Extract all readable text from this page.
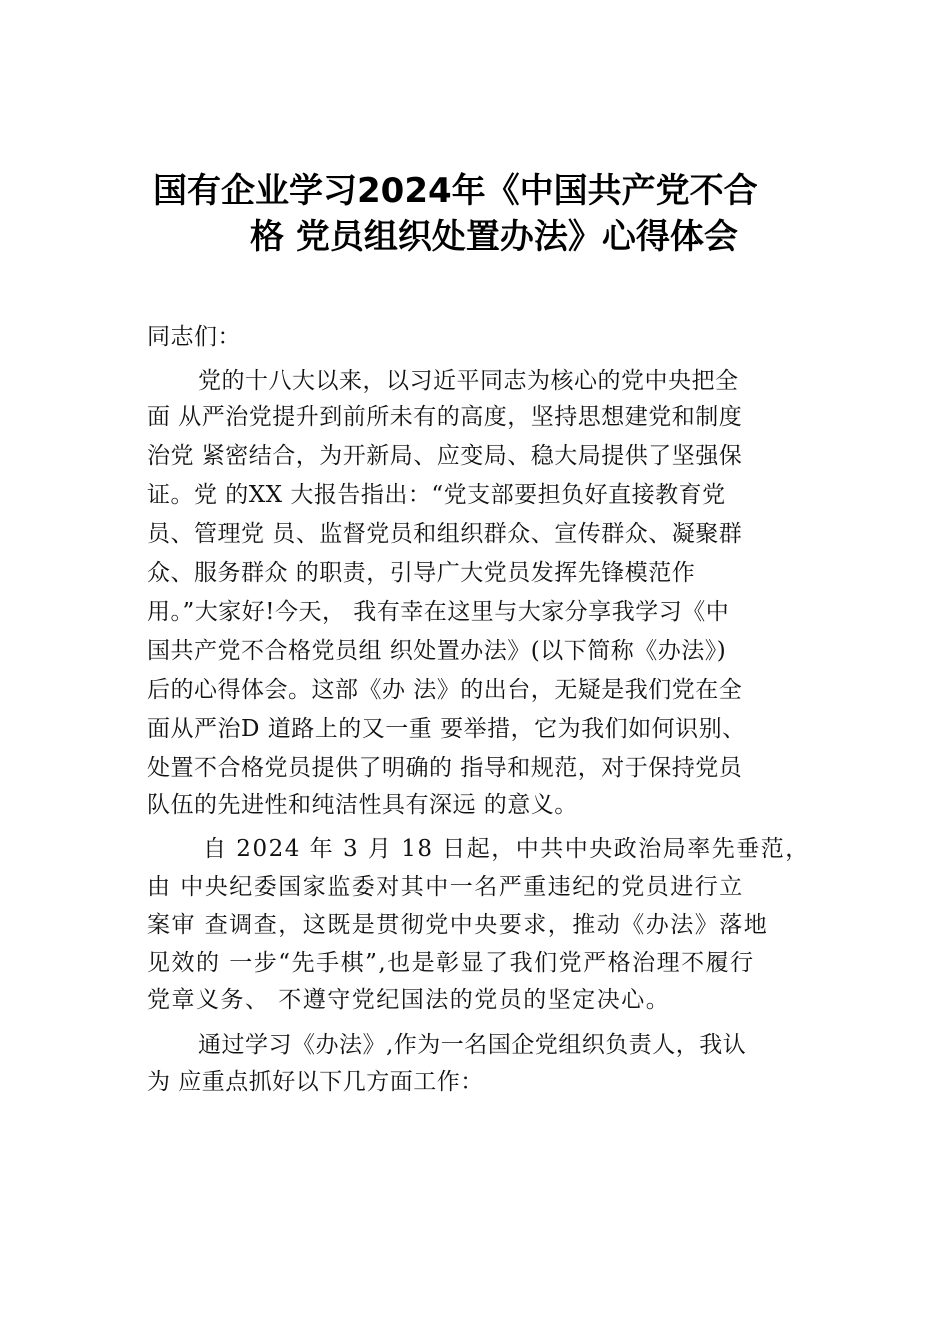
国有企业学习2024年《中国共产党不合
格 党员组织处置办法》心得体会
同志们：
党的十八大以来，以习近平同志为核心的党中央把全
面 从严治党提升到前所未有的高度，坚持思想建党和制度
治党 紧密结合，为开新局、应变局、稳大局提供了坚强保
证。党 的XX 大报告指出：“党支部要担负好直接教育党
员、管理党 员、监督党员和组织群众、宣传群众、凝聚群
众、服务群众 的职责，引导广大党员发挥先锋模范作
用。”大家好!今天， 我有幸在这里与大家分享我学习《中
国共产党不合格党员组 织处置办法》(以下简称《办法》)
后的心得体会。这部《办 法》的出台，无疑是我们党在全
面从严治D 道路上的又一重 要举措，它为我们如何识别、
处置不合格党员提供了明确的 指导和规范，对于保持党员
队伍的先进性和纯洁性具有深远 的意义。
自 2024 年 3 月 18 日起，中共中央政治局率先垂范，
由 中央纪委国家监委对其中一名严重违纪的党员进行立
案审 查调查，这既是贯彻党中央要求，推动《办法》落地
见效的 一步“先手棋”,也是彰显了我们党严格治理不履行
党章义务、 不遵守党纪国法的党员的坚定决心。
通过学习《办法》,作为一名国企党组织负责人，我认
为 应重点抓好以下几方面工作：
